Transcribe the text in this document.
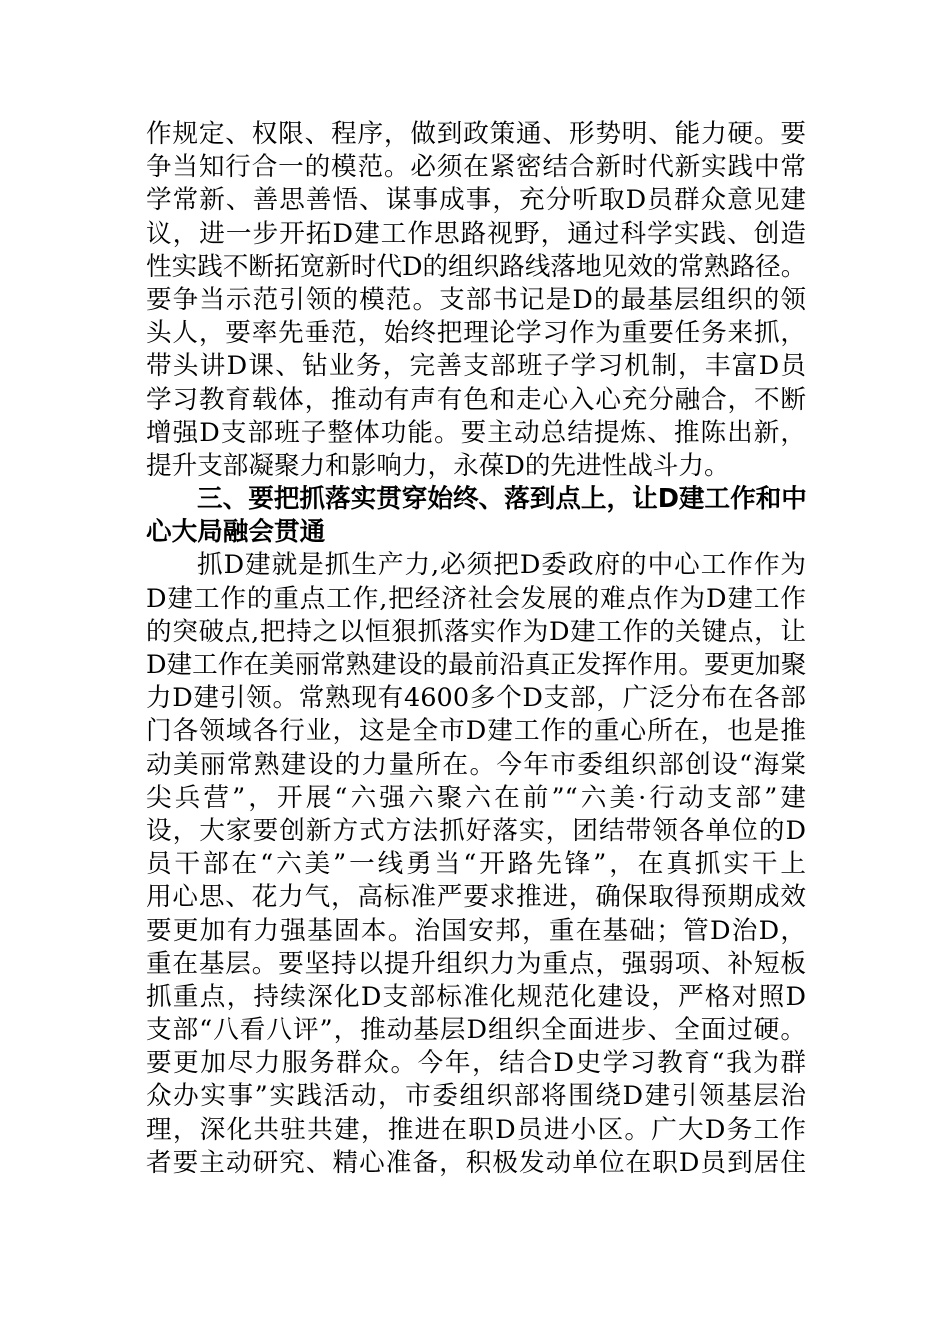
作规定、权限、程序，做到政策通、形势明、能力硬。要
争当知行合一的模范。必须在紧密结合新时代新实践中常
学常新、善思善悟、谋事成事，充分听取D员群众意见建
议，进一步开拓D建工作思路视野，通过科学实践、创造
性实践不断拓宽新时代D的组织路线落地见效的常熟路径。
要争当示范引领的模范。支部书记是D的最基层组织的领
头人，要率先垂范，始终把理论学习作为重要任务来抓，
带头讲D课、钻业务，完善支部班子学习机制，丰富D员
学习教育载体，推动有声有色和走心入心充分融合，不断
增强D支部班子整体功能。要主动总结提炼、推陈出新，
提升支部凝聚力和影响力，永葆D的先进性战斗力。
三、要把抓落实贯穿始终、落到点上，让D建工作和中
心大局融会贯通
抓D建就是抓生产力,必须把D委政府的中心工作作为
D建工作的重点工作,把经济社会发展的难点作为D建工作
的突破点,把持之以恒狠抓落实作为D建工作的关键点，让
D建工作在美丽常熟建设的最前沿真正发挥作用。要更加聚
力D建引领。常熟现有4600多个D支部，广泛分布在各部
门各领域各行业，这是全市D建工作的重心所在，也是推
动美丽常熟建设的力量所在。今年市委组织部创设“海棠
尖兵营”，开展“六强六聚六在前”“六美·行动支部”建
设，大家要创新方式方法抓好落实，团结带领各单位的D
员干部在“六美”一线勇当“开路先锋”，在真抓实干上
用心思、花力气，高标准严要求推进，确保取得预期成效
要更加有力强基固本。治国安邦，重在基础；管D治D，
重在基层。要坚持以提升组织力为重点，强弱项、补短板
抓重点，持续深化D支部标准化规范化建设，严格对照D
支部“八看八评”，推动基层D组织全面进步、全面过硬。
要更加尽力服务群众。今年，结合D史学习教育“我为群
众办实事”实践活动，市委组织部将围绕D建引领基层治
理，深化共驻共建，推进在职D员进小区。广大D务工作
者要主动研究、精心准备，积极发动单位在职D员到居住
